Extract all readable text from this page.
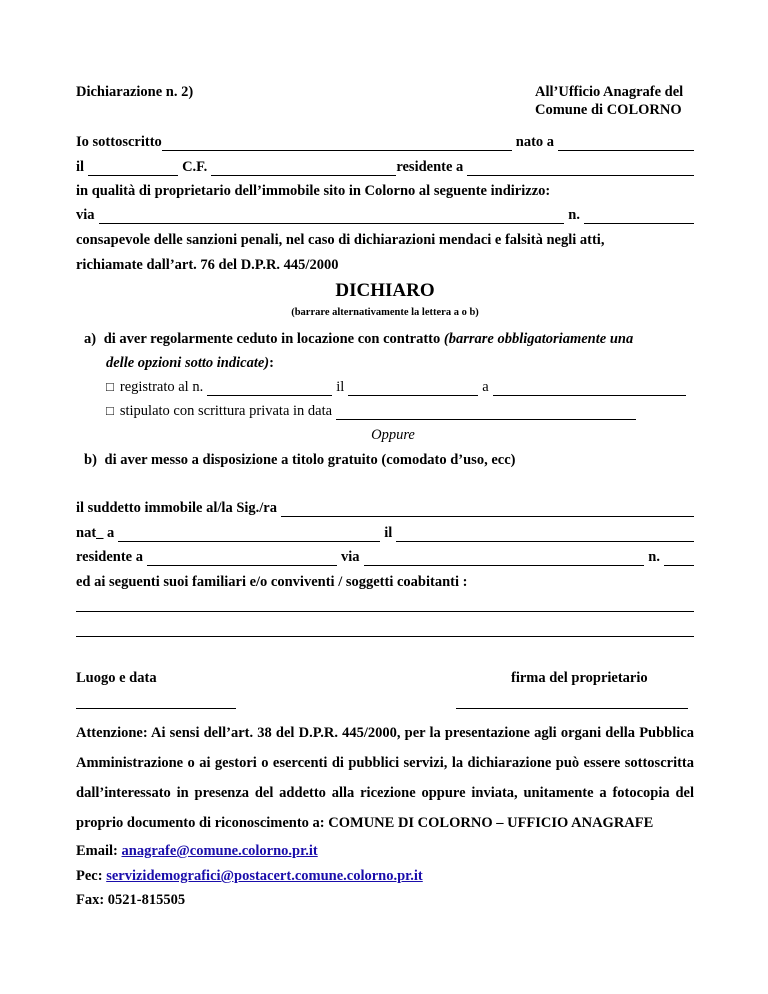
Dichiarazione n. 2)	All’Ufficio Anagrafe del
Comune di COLORNO
Io sottoscritto	nato a
il	C.F.	residente a
in qualità di proprietario dell’immobile sito in Colorno al seguente indirizzo:
via	n.
consapevole delle sanzioni penali, nel caso di dichiarazioni mendaci e falsità negli atti,
richiamate dall’art. 76 del D.P.R. 445/2000
DICHIARO
(barrare alternativamente la lettera a o b)
a) di aver regolarmente ceduto in locazione con contratto (barrare obbligatoriamente una
delle opzioni sotto indicate):
□ registrato al n.	il	a
□ stipulato con scrittura privata in data
Oppure
b) di aver messo a disposizione a titolo gratuito (comodato d’uso, ecc)
il suddetto immobile al/la Sig./ra
nat_ a	il
residente a	via	n.
ed ai seguenti suoi familiari e/o conviventi / soggetti coabitanti :
Luogo e data	firma del proprietario
Attenzione: Ai sensi dell’art. 38 del D.P.R. 445/2000, per la presentazione agli organi della Pubblica Amministrazione o ai gestori o esercenti di pubblici servizi, la dichiarazione può essere sottoscritta dall’interessato in presenza del addetto alla ricezione oppure inviata, unitamente a fotocopia del proprio documento di riconoscimento a: COMUNE DI COLORNO – UFFICIO ANAGRAFE
Email: anagrafe@comune.colorno.pr.it
Pec: servizidemografici@postacert.comune.colorno.pr.it
Fax: 0521-815505
